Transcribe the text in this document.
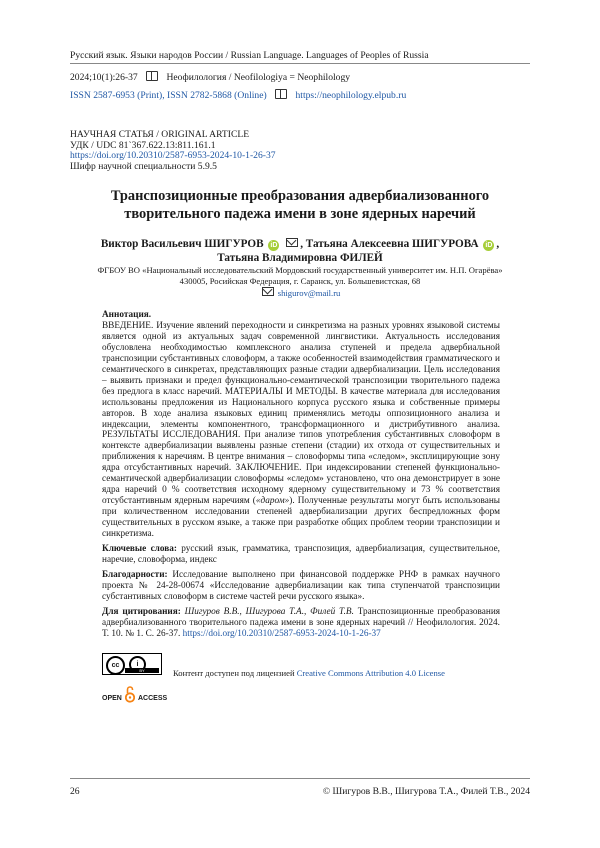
Русский язык. Языки народов России / Russian Language. Languages of Peoples of Russia
2024;10(1):26-37	Неофилология / Neofilologiya = Neophilology
ISSN 2587-6953 (Print), ISSN 2782-5868 (Online)	https://neophilology.elpub.ru
НАУЧНАЯ СТАТЬЯ / ORIGINAL ARTICLE
УДК / UDC 81`367.622.13:811.161.1
https://doi.org/10.20310/2587-6953-2024-10-1-26-37
Шифр научной специальности 5.9.5
Транспозиционные преобразования адвербиализованного творительного падежа имени в зоне ядерных наречий
Виктор Васильевич ШИГУРОВ iD , Татьяна Алексеевна ШИГУРОВА iD ,
Татьяна Владимировна ФИЛЕЙ
ФГБОУ ВО «Национальный исследовательский Мордовский государственный университет им. Н.П. Огарёва»
430005, Росийская Федерация, г. Саранск, ул. Большевистская, 68
shigurov@mail.ru

Аннотация.

ВВЕДЕНИЕ. Изучение явлений переходности и синкретизма на разных уровнях языковой системы является одной из актуальных задач современной лингвистики. Актуальность исследования обусловлена необходимостью комплексного анализа ступеней и предела адвербиальной транспозиции субстантивных словоформ, а также особенностей взаимодействия грамматического и семантического в синкретах, представляющих разные стадии адвербиализации. Цель исследования – выявить признаки и предел функционально-семантической транспозиции творительного падежа без предлога в класс наречий. МАТЕРИАЛЫ И МЕТОДЫ. В качестве материала для исследования использованы предложения из Национального корпуса русского языка и собственные примеры авторов. В ходе анализа языковых единиц применялись методы оппозиционного анализа и индексации, элементы компонентного, трансформационного и дистрибутивного анализа. РЕЗУЛЬТАТЫ ИССЛЕДОВАНИЯ. При анализе типов употребления субстантивных словоформ в контексте адвербиализации выявлены разные степени (стадии) их отхода от существительных и приближения к наречиям. В центре внимания – словоформы типа «следом», эксплицирующие зону ядра отсубстантивных наречий. ЗАКЛЮЧЕНИЕ. При индексировании степеней функционально-семантической адвербиализации словоформы «следом» установлено, что она демонстрирует в зоне ядра наречий 0 % соответствия исходному ядерному существительному и 73 % соответствия отсубстантивным ядерным наречиям («даром»). Полученные результаты могут быть использованы при количественном исследовании степеней адвербиализации других беспредложных форм существительных в русском языке, а также при разработке общих проблем теории транспозиции и синкретизма.

Ключевые слова: русский язык, грамматика, транспозиция, адвербиализация, существительное, наречие, словоформа, индекс

Благодарности: Исследование выполнено при финансовой поддержке РНФ в рамках научного проекта № 24-28-00674 «Исследование адвербиализации как типа ступенчатой транспозиции субстантивных словоформ в системе частей речи русского языка».

Для цитирования: Шигуров В.В., Шигурова Т.А., Филей Т.В. Транспозиционные преобразования адвербиализованного творительного падежа имени в зоне ядерных наречий // Неофилология. 2024. Т. 10. № 1. С. 26-37. https://doi.org/10.20310/2587-6953-2024-10-1-26-37

cc	i
BY	Контент доступен под лицензией Creative Commons Attribution 4.0 License
OPEN ACCESS
26	© Шигуров В.В., Шигурова Т.А., Филей Т.В., 2024
